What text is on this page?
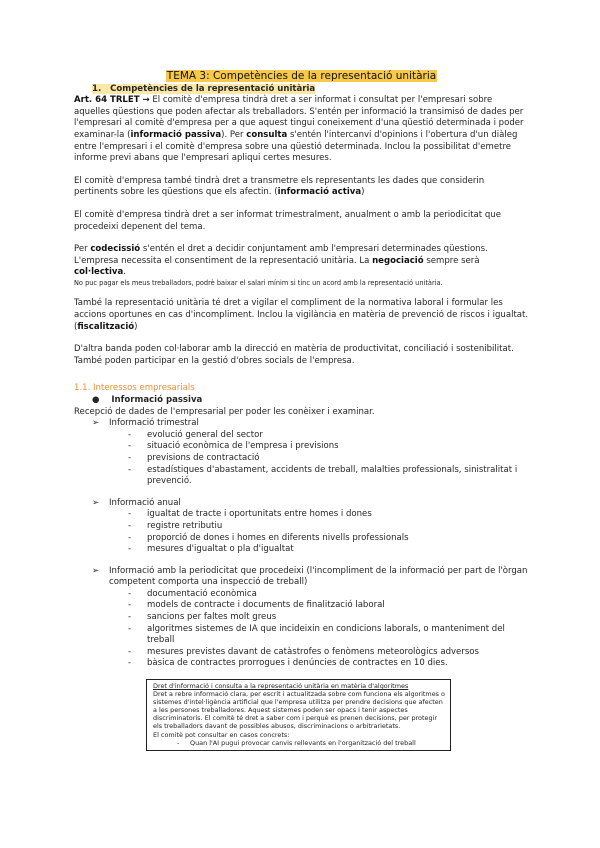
TEMA 3: Competències de la representació unitària
1. Competències de la representació unitària

Art. 64 TRLET → El comitè d'empresa tindrà dret a ser informat i consultat per l'empresari sobre aquelles qüestions que poden afectar als treballadors. S'entén per informació la transimisó de dades per l'empresari al comitè d'empresa per a que aquest tingui coneixement d'una qüestió determinada i poder examinar-la (informació passiva). Per consulta s'entén l'intercanvi d'opinions i l'obertura d'un diàleg entre l'empresari i el comitè d'empresa sobre una qüestió determinada. Inclou la possibilitat d'emetre informe previ abans que l'empresari apliqui certes mesures.

El comitè d'empresa també tindrà dret a transmetre els representants les dades que considerin pertinents sobre les qüestions que els afectin. (informació activa)

El comitè d'empresa tindrà dret a ser informat trimestralment, anualment o amb la periodicitat que procedeixi depenent del tema.

Per codecissió s'entén el dret a decidir conjuntament amb l'empresari determinades qüestions. L'empresa necessita el consentiment de la representació unitària. La negociació sempre serà col·lectiva.

No puc pagar els meus treballadors, podrè baixar el salari mínim si tinc un acord amb la representació unitària.

També la representació unitària té dret a vigilar el compliment de la normativa laboral i formular les accions oportunes en cas d'incompliment. Inclou la vigilància en matèria de prevenció de riscos i igualtat. (fiscalització)

D'altra banda poden col·laborar amb la direcció en matèria de productivitat, conciliació i sostenibilitat. També poden participar en la gestió d'obres socials de l'empresa.

1.1. Interessos empresarials
● Informació passiva
Recepció de dades de l'empresarial per poder les conèixer i examinar.
➢	Informació trimestral
-	evolució general del sector
-	situació econòmica de l'empresa i previsions
-	previsions de contractació
-	estadístiques d'abastament, accidents de treball, malalties professionals, sinistralitat i prevenció.
➢	Informació anual
-	igualtat de tracte i oportunitats entre homes i dones
-	registre retributiu
-	proporció de dones i homes en diferents nivells professionals
-	mesures d'igualtat o pla d'igualtat
➢	Informació amb la periodicitat que procedeixi (l'incompliment de la informació per part de l'òrgan competent comporta una inspecció de treball)
-	documentació econòmica
-	models de contracte i documents de finalització laboral
-	sancions per faltes molt greus
-	algoritmes sistemes de IA que incideixin en condicions laborals, o manteniment del treball
-	mesures previstes davant de catàstrofes o fenòmens meteorològics adversos
-	bàsica de contractes prorrogues i denúncies de contractes en 10 dies.
Dret d'informació i consulta a la representació unitària en matèria d'algoritmes
Dret a rebre informació clara, per escrit i actualitzada sobre com funciona els algoritmes o sistemes d'intel·ligència artificial que l'empresa utilitza per prendre decisions que afecten a les persones treballadores. Aquest sistemes poden ser opacs i tenir aspectes discriminatoris. El comitè té dret a saber com i perquè es prenen decisions, per protegir els treballadors davant de possibles abusos, discriminacions o arbitrarietats.
El comitè pot consultar en casos concrets:
-	Quan l'AI pugui provocar canvis rellevants en l'organització del treball
